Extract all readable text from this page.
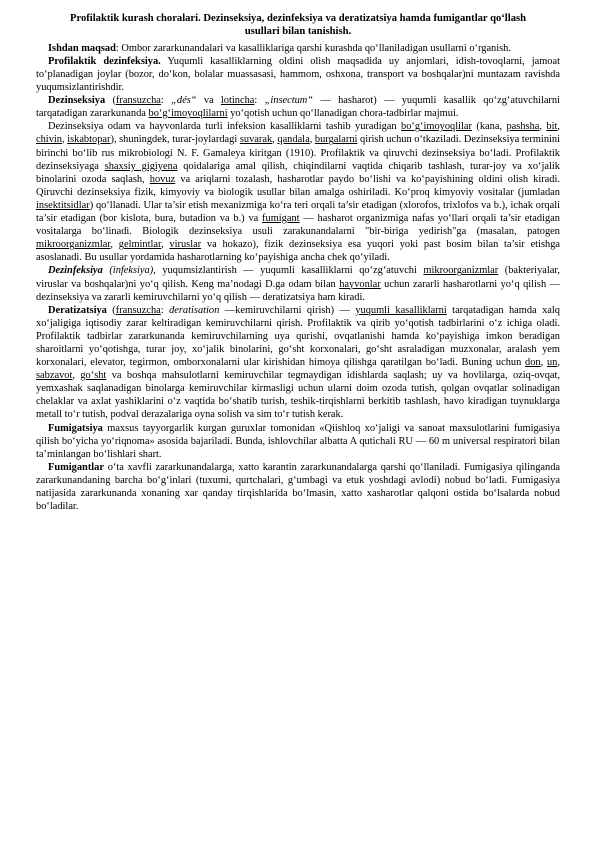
Profilaktik kurash choralari. Dezinseksiya, dezinfeksiya va deratizatsiya hamda fumigantlar qo‘llash usullari bilan tanishish.

Ishdan maqsad: Ombor zararkunandalari va kasalliklariga qarshi kurashda qo‘llaniladigan usullarni o‘rganish.

Profilaktik dezinfeksiya. Yuqumli kasalliklarning oldini olish maqsadida uy anjomlari, idish-tovoqlarni, jamoat to‘planadigan joylar (bozor, do‘kon, bolalar muassasasi, hammom, oshxona, transport va boshqalar)ni muntazam ravishda yuqumsizlantirishdir.

Dezinseksiya (fransuzcha: „dés“ va lotincha: „insectum“ — hasharot) — yuqumli kasallik qo‘zg‘atuvchilarni tarqatadigan zararkunanda bo‘g‘imoyoqlilarni yo‘qotish uchun qo‘llanadigan chora-tadbirlar majmui.

Dezinseksiya odam va hayvonlarda turli infeksion kasalliklarni tashib yuradigan bo‘g‘imoyoqlilar (kana, pashsha, bit, chivin, iskabtopar), shuningdek, turar-joylardagi suvarak, qandala, burgalarni qirish uchun o‘tkaziladi. Dezinseksiya terminini birinchi bo‘lib rus mikrobiologi N. F. Gamaleya kiritgan (1910). Profilaktik va qiruvchi dezinseksiya bo‘ladi. Profilaktik dezinseksiyaga shaxsiy gigiyena qoidalariga amal qilish, chiqindilarni vaqtida chiqarib tashlash, turar-joy va xo‘jalik binolarini ozoda saqlash, hovuz va ariqlarni tozalash, hasharotlar paydo bo‘lishi va ko‘payishining oldini olish kiradi. Qiruvchi dezinseksiya fizik, kimyoviy va biologik usullar bilan amalga oshiriladi. Ko‘proq kimyoviy vositalar (jumladan insektitsidlar) qo‘llanadi. Ular ta’sir etish mexanizmiga ko‘ra teri orqali ta’sir etadigan (xlorofos, trixlofos va b.), ichak orqali ta’sir etadigan (bor kislota, bura, butadion va b.) va fumigant — hasharot organizmiga nafas yo‘llari orqali ta’sir etadigan vositalarga bo‘linadi. Biologik dezinseksiya usuli zarakunandalarni "bir-biriga yedirish"ga (masalan, patogen mikroorganizmlar, gelmintlar, viruslar va hokazo), fizik dezinseksiya esa yuqori yoki past bosim bilan ta’sir etishga asoslanadi. Bu usullar yordamida hasharotlarning ko‘payishiga ancha chek qo‘yiladi.

Dezinfeksiya (infeksiya), yuqumsizlantirish — yuqumli kasalliklarni qo‘zg‘atuvchi mikroorganizmlar (bakteriyalar, viruslar va boshqalar)ni yo‘q qilish. Keng ma’nodagi D.ga odam bilan hayvonlar uchun zararli hasharotlarni yo‘q qilish — dezinseksiya va zararli kemiruvchilarni yo‘q qilish — deratizatsiya ham kiradi.

Deratizatsiya (fransuzcha: deratisation —kemiruvchilarni qirish) — yuqumli kasalliklarni tarqatadigan hamda xalq xo‘jaligiga iqtisodiy zarar keltiradigan kemiruvchilarni qirish. Profilaktik va qirib yo‘qotish tadbirlarini o‘z ichiga oladi. Profilaktik tadbirlar zararkunanda kemiruvchilarning uya qurishi, ovqatlanishi hamda ko‘payishiga imkon beradigan sharoitlarni yo‘qotishga, turar joy, xo‘jalik binolarini, go‘sht korxonalari, go‘sht asraladigan muzxonalar, aralash yem korxonalari, elevator, tegirmon, omborxonalarni ular kirishidan himoya qilishga qaratilgan bo‘ladi. Buning uchun don, un, sabzavot, go‘sht va boshqa mahsulotlarni kemiruvchilar tegmaydigan idishlarda saqlash; uy va hovlilarga, oziq-ovqat, yemxashak saqlanadigan binolarga kemiruvchilar kirmasligi uchun ularni doim ozoda tutish, qolgan ovqatlar solinadigan chelaklar va axlat yashiklarini o‘z vaqtida bo‘shatib turish, teshik-tirqishlarni berkitib tashlash, havo kiradigan tuynuklarga metall to‘r tutish, podval derazalariga oyna solish va sim to‘r tutish kerak.

Fumigatsiya maxsus tayyorgarlik kurgan guruxlar tomonidan «Qiishloq xo‘jaligi va sanoat maxsulotlarini fumigasiya qilish bo‘yicha yo‘riqnoma» asosida bajariladi. Bunda, ishlovchilar albatta A qutichali RU — 60 m universal respiratori bilan ta’minlangan bo‘lishlari shart.

Fumigantlar o‘ta xavfli zararkunandalarga, xatto karantin zararkunandalarga qarshi qo‘llaniladi. Fumigasiya qilinganda zararkunandaning barcha bo‘g‘inlari (tuxumi, qurtchalari, g‘umbagi va etuk yoshdagi avlodi) nobud bo‘ladi. Fumigasiya natijasida zararkunanda xonaning xar qanday tirqishlarida bo‘lmasin, xatto xasharotlar qalqoni ostida bo‘lsalarda nobud bo‘ladilar.
